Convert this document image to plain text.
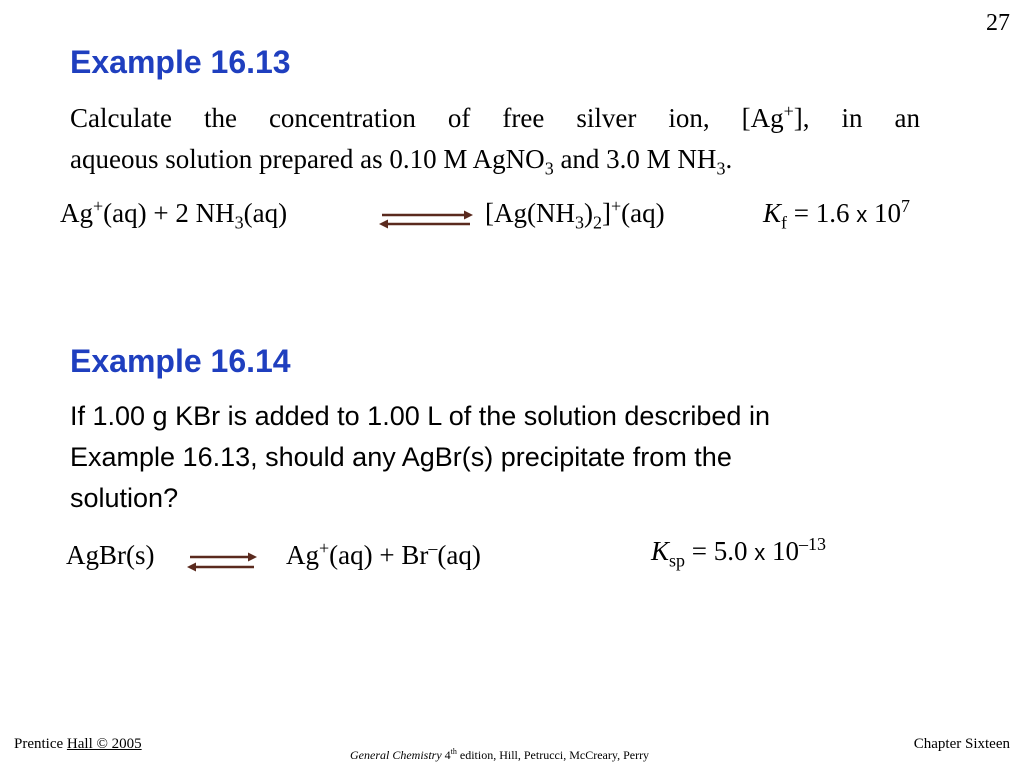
27
Example 16.13
Calculate the concentration of free silver ion, [Ag+], in an
aqueous solution prepared as 0.10 M AgNO$_3$ and 3.0 M $NH_3$.
Ag+(aq) + 2 $NH_3(aq)$	$[Ag(NH_3)_2]^+(aq)$	$K_f = 1.6$ x $10^7$
Example 16.14
If 1.00 g KBr is added to 1.00 L of the solution described in
Example 16.13, should any AgBr(s) precipitate from the
solution?
AgBr(s)	Ag+(aq) + Br–(aq)	$K_{sp} = 5.0$ x $10^{-13}$
Prentice Hall © 2005
General Chemistry 4th edition, Hill, Petrucci, McCreary, Perry
Chapter Sixteen
